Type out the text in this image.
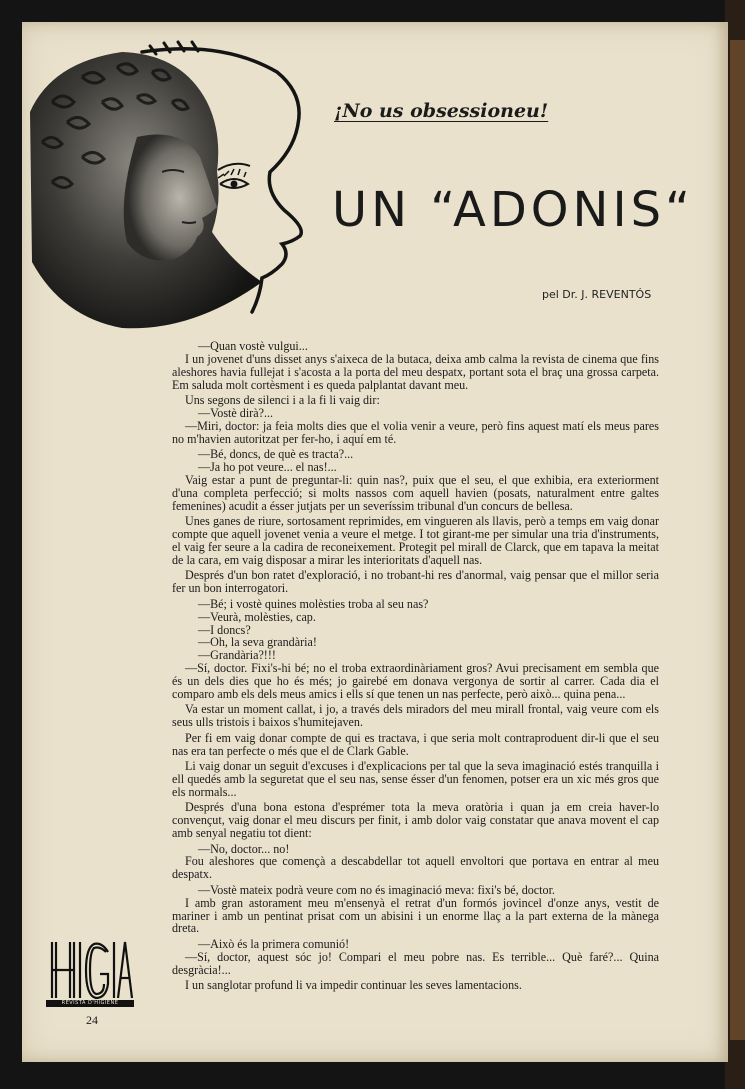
¡No us obsessioneu!
UN “ADONIS“
pel Dr. J. REVENTÓS

—Quan vostè vulgui...

I un jovenet d'uns disset anys s'aixeca de la butaca, deixa amb calma la revista de cinema que fins aleshores havia fullejat i s'acosta a la porta del meu despatx, portant sota el braç una grossa carpeta. Em saluda molt cortèsment i es queda palplantat davant meu.

Uns segons de silenci i a la fi li vaig dir:

—Vostè dirà?...

—Miri, doctor: ja feia molts dies que el volia venir a veure, però fins aquest matí els meus pares no m'havien autoritzat per fer-ho, i aquí em té.

—Bé, doncs, de què es tracta?...

—Ja ho pot veure... el nas!...

Vaig estar a punt de preguntar-li: quin nas?, puix que el seu, el que exhibia, era exteriorment d'una completa perfecció; si molts nassos com aquell havien (posats, naturalment entre galtes femenines) acudit a ésser jutjats per un severíssim tribunal d'un concurs de bellesa.

Unes ganes de riure, sortosament reprimides, em vingueren als llavis, però a temps em vaig donar compte que aquell jovenet venia a veure el metge. I tot girant-me per simular una tria d'instruments, el vaig fer seure a la cadira de reconeixement. Protegit pel mirall de Clarck, que em tapava la meitat de la cara, em vaig disposar a mirar les interioritats d'aquell nas.

Després d'un bon ratet d'exploració, i no trobant-hi res d'anormal, vaig pensar que el millor seria fer un bon interrogatori.

—Bé; i vostè quines molèsties troba al seu nas?

—Veurà, molèsties, cap.

—I doncs?

—Oh, la seva grandària!

—Grandària?!!!

—Sí, doctor. Fixi's-hi bé; no el troba extraordinàriament gros? Avui precisament em sembla que és un dels dies que ho és més; jo gairebé em donava vergonya de sortir al carrer. Cada dia el comparo amb els dels meus amics i ells sí que tenen un nas perfecte, però això... quina pena...

Va estar un moment callat, i jo, a través dels miradors del meu mirall frontal, vaig veure com els seus ulls tristois i baixos s'humitejaven.

Per fi em vaig donar compte de qui es tractava, i que seria molt contraproduent dir-li que el seu nas era tan perfecte o més que el de Clark Gable.

Li vaig donar un seguit d'excuses i d'explicacions per tal que la seva imaginació estés tranquilla i ell quedés amb la seguretat que el seu nas, sense ésser d'un fenomen, potser era un xic més gros que els normals...

Després d'una bona estona d'esprémer tota la meva oratòria i quan ja em creia haver-lo convençut, vaig donar el meu discurs per finit, i amb dolor vaig constatar que anava movent el cap amb senyal negatiu tot dient:

—No, doctor... no!

Fou aleshores que començà a descabdellar tot aquell envoltori que portava en entrar al meu despatx.

—Vostè mateix podrà veure com no és imaginació meva: fixi's bé, doctor.

I amb gran astorament meu m'ensenyà el retrat d'un formós jovincel d'onze anys, vestit de mariner i amb un pentinat prisat com un abisini i un enorme llaç a la part externa de la mànega dreta.

—Això és la primera comunió!

—Sí, doctor, aquest sóc jo! Compari el meu pobre nas. Es terrible... Què faré?... Quina desgràcia!...

I un sanglotar profund li va impedir continuar les seves lamentacions.

REVISTA D'HIGIENE
24
